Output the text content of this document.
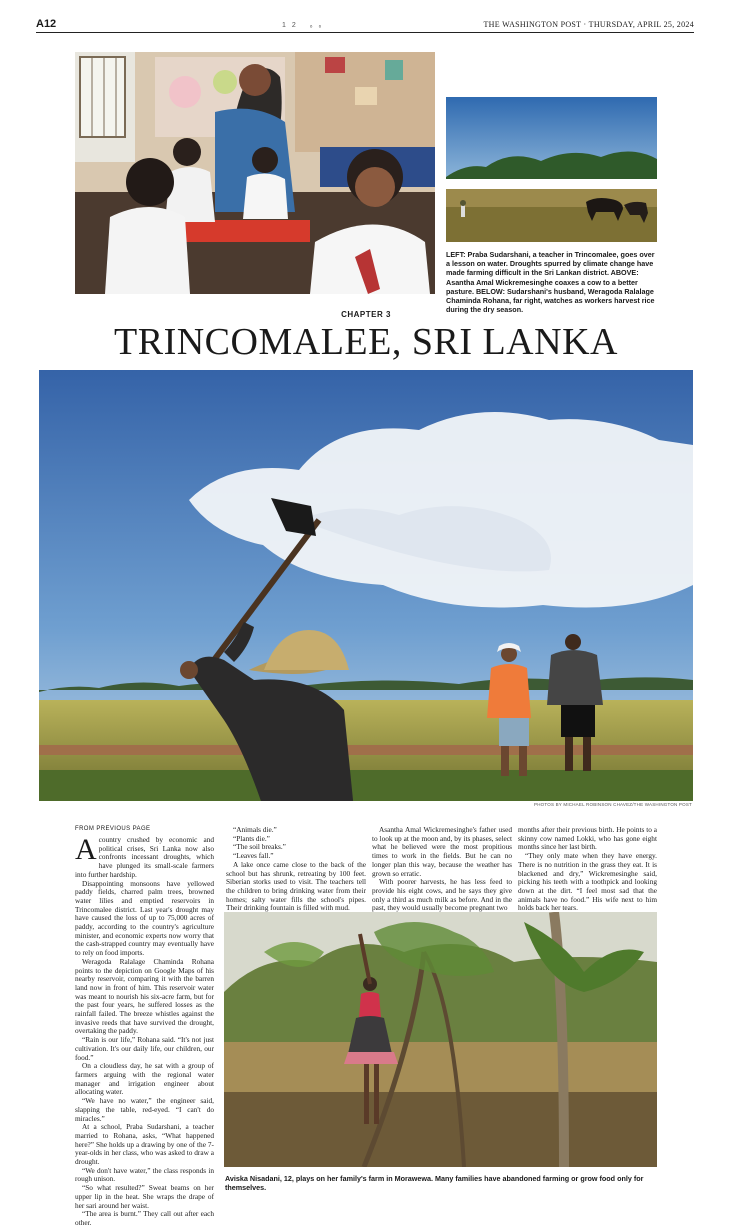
A12	12 ₆₆	THE WASHINGTON POST · THURSDAY, APRIL 25, 2024
LEFT: Praba Sudarshani, a teacher in Trincomalee, goes over a lesson on water. Droughts spurred by climate change have made farming difficult in the Sri Lankan district. ABOVE: Asantha Amal Wickremesinghe coaxes a cow to a better pasture. BELOW: Sudarshani's husband, Weragoda Ralalage Chaminda Rohana, far right, watches as workers harvest rice during the dry season.
CHAPTER 3
TRINCOMALEE, SRI LANKA
PHOTOS BY MICHAEL ROBINSON CHAVEZ/THE WASHINGTON POST
FROM PREVIOUS PAGE

Acountry crushed by economic and political crises, Sri Lanka now also confronts incessant droughts, which have plunged its small-scale farmers into further hardship.

Disappointing monsoons have yellowed paddy fields, charred palm trees, browned water lilies and emptied reservoirs in Trincomalee district. Last year's drought may have caused the loss of up to 75,000 acres of paddy, according to the country's agriculture minister, and economic experts now worry that the cash-strapped country may eventually have to rely on food imports.

Weragoda Ralalage Chaminda Rohana points to the depiction on Google Maps of his nearby reservoir, comparing it with the barren land now in front of him. This reservoir water was meant to nourish his six-acre farm, but for the past four years, he suffered losses as the rainfall failed. The breeze whistles against the invasive reeds that have survived the drought, overtaking the paddy.

“Rain is our life,” Rohana said. “It's not just cultivation. It's our daily life, our children, our food.”

On a cloudless day, he sat with a group of farmers arguing with the regional water manager and irrigation engineer about allocating water.

“We have no water,” the engineer said, slapping the table, red-eyed. “I can't do miracles.”

At a school, Praba Sudarshani, a teacher married to Rohana, asks, “What happened here?” She holds up a drawing by one of the 7-year-olds in her class, who was asked to draw a drought.

“We don't have water,” the class responds in rough unison.

“So what resulted?” Sweat beams on her upper lip in the heat. She wraps the drape of her sari around her waist.

“The area is burnt.” They call out after each other.

“Animals die.”

“Plants die.”

“The soil breaks.”

“Leaves fall.”

A lake once came close to the back of the school but has shrunk, retreating by 100 feet. Siberian storks used to visit. The teachers tell the children to bring drinking water from their homes; salty water fills the school's pipes. Their drinking fountain is filled with mud.

Asantha Amal Wickremesinghe's father used to look up at the moon and, by its phases, select what he believed were the most propitious times to work in the fields. But he can no longer plan this way, because the weather has grown so erratic.

With poorer harvests, he has less feed to provide his eight cows, and he says they give only a third as much milk as before. And in the past, they would usually become pregnant two

months after their previous birth. He points to a skinny cow named Lokki, who has gone eight months since her last birth.

“They only mate when they have energy. There is no nutrition in the grass they eat. It is blackened and dry,” Wickremesinghe said, picking his teeth with a toothpick and looking down at the dirt. “I feel most sad that the animals have no food.” His wife next to him holds back her tears.

Aviska Nisadani, 12, plays on her family's farm in Morawewa. Many families have abandoned farming or grow food only for themselves.
